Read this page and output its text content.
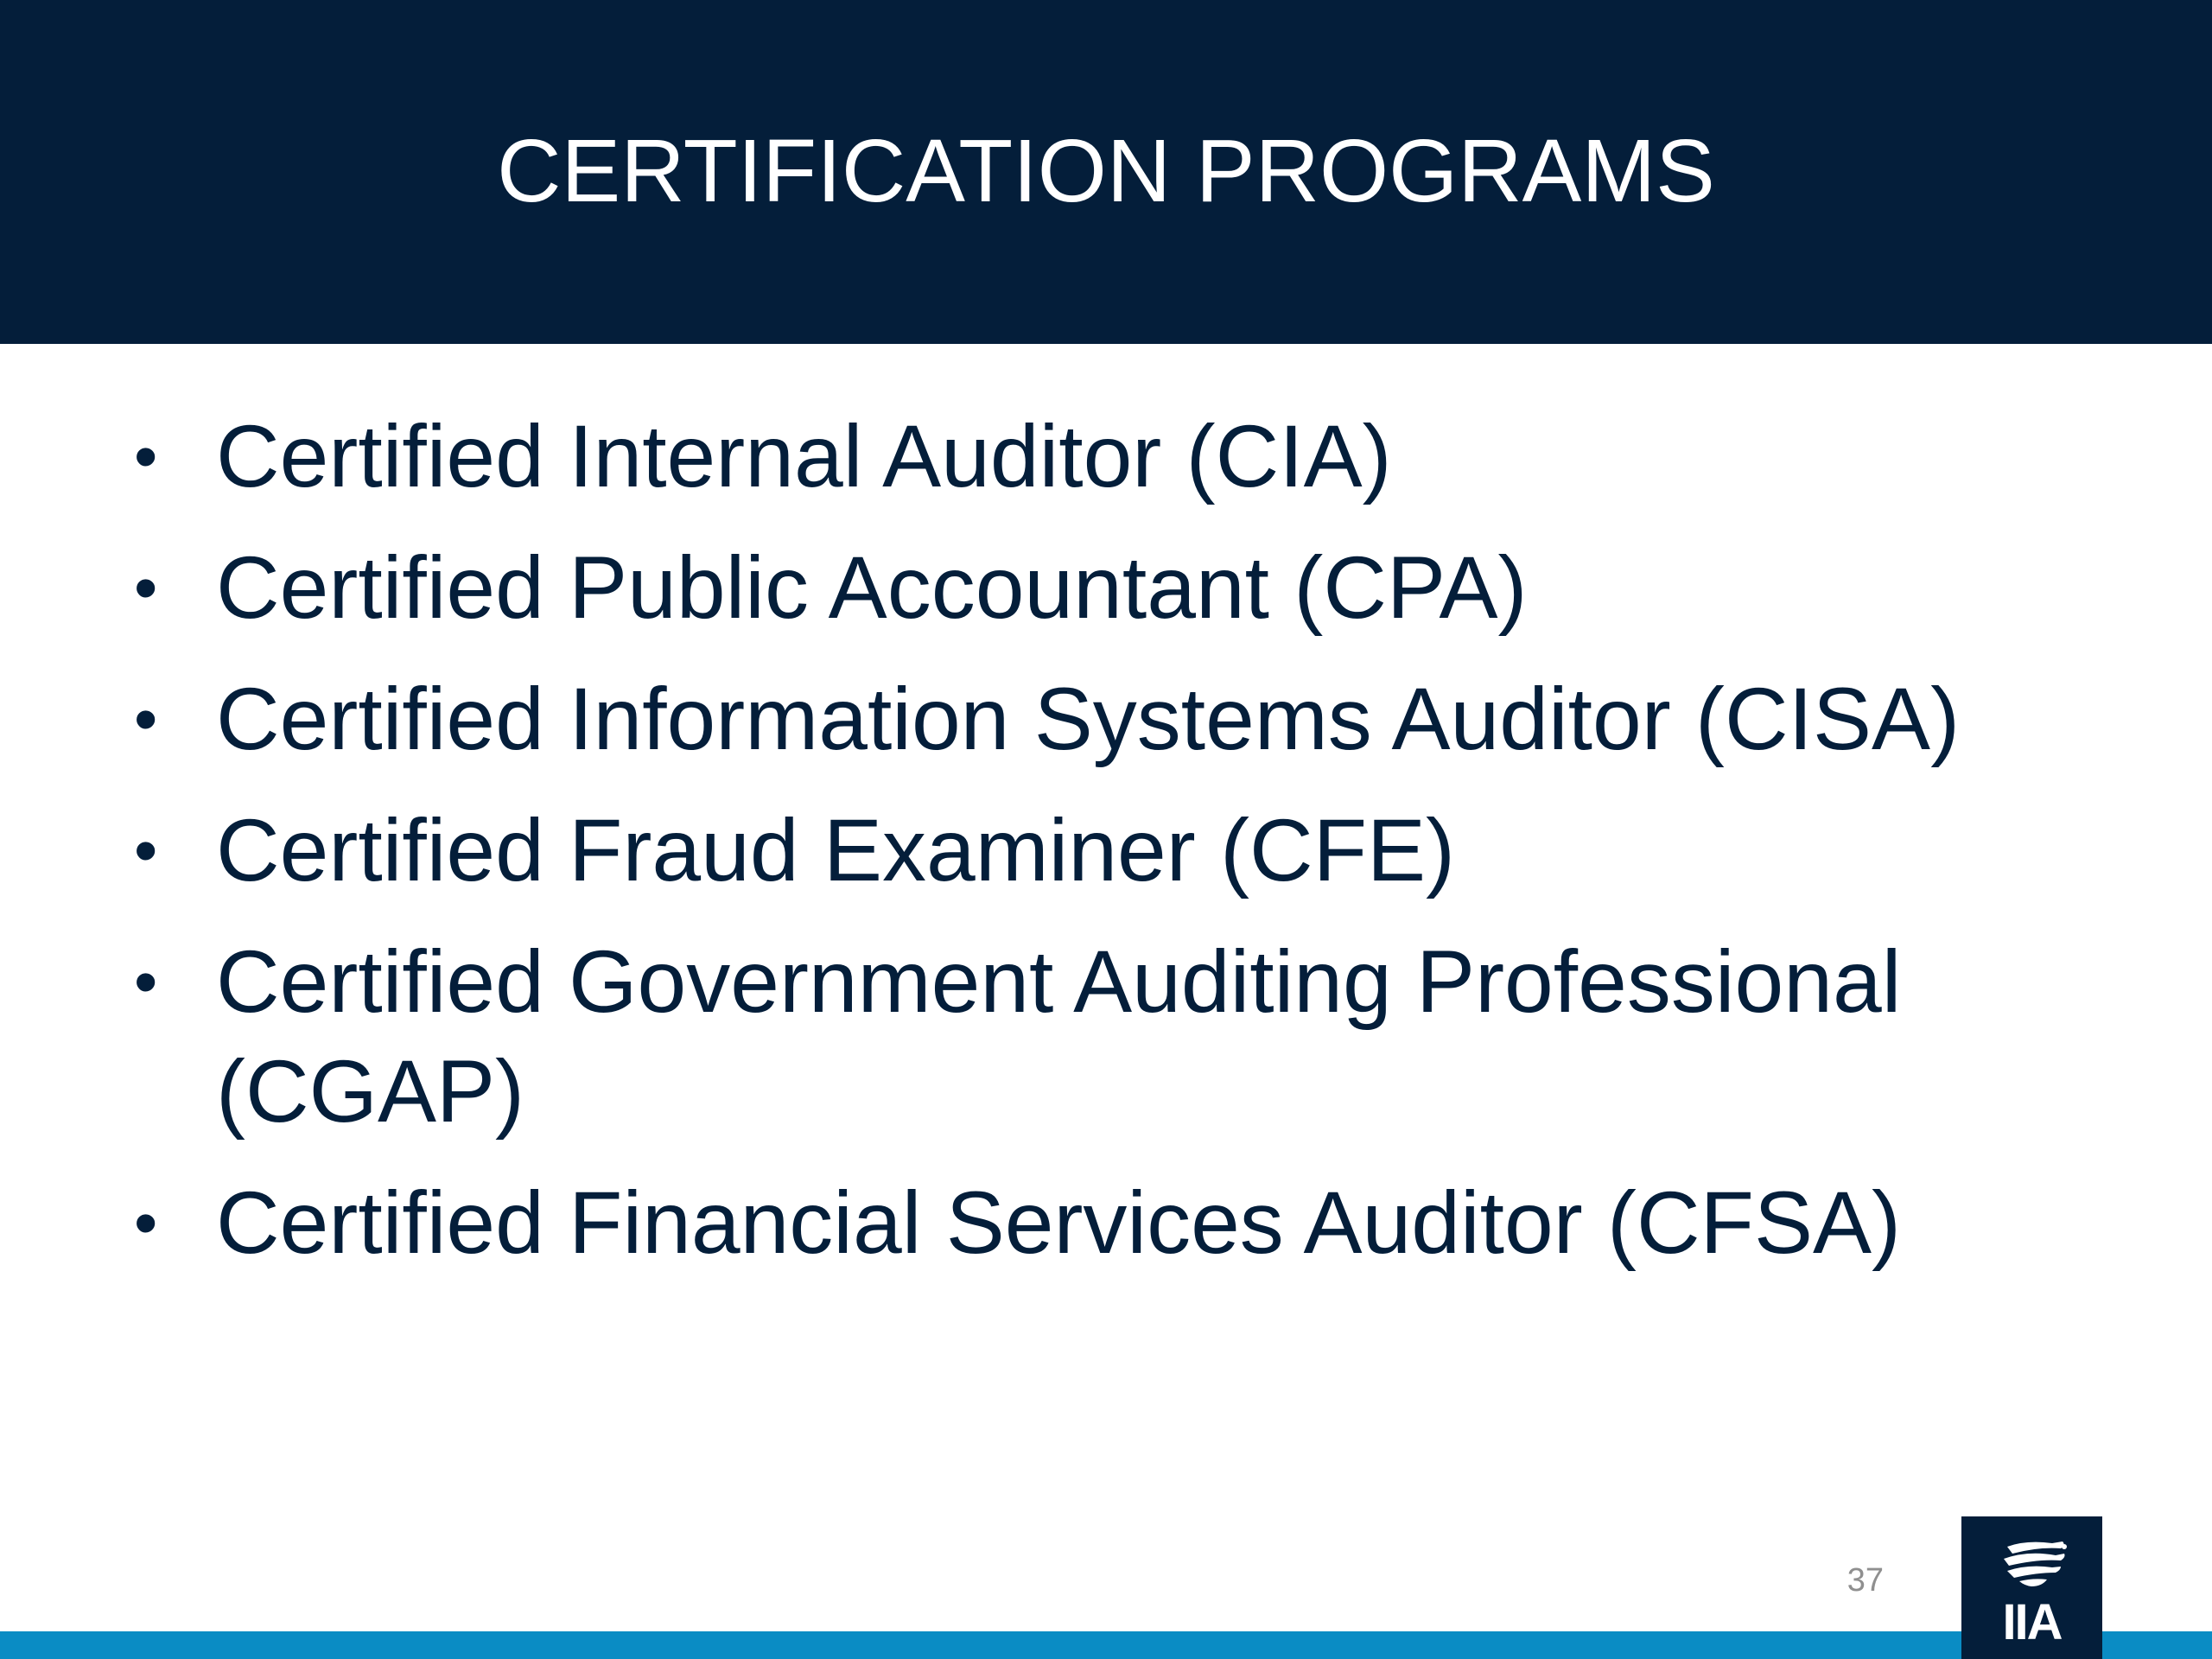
CERTIFICATION PROGRAMS
• Certified Internal Auditor (CIA)
• Certified Public Accountant (CPA)
• Certified Information Systems Auditor (CISA)
• Certified Fraud Examiner (CFE)
• Certified Government Auditing Professional (CGAP)
• Certified Financial Services Auditor (CFSA)
37
IIA
